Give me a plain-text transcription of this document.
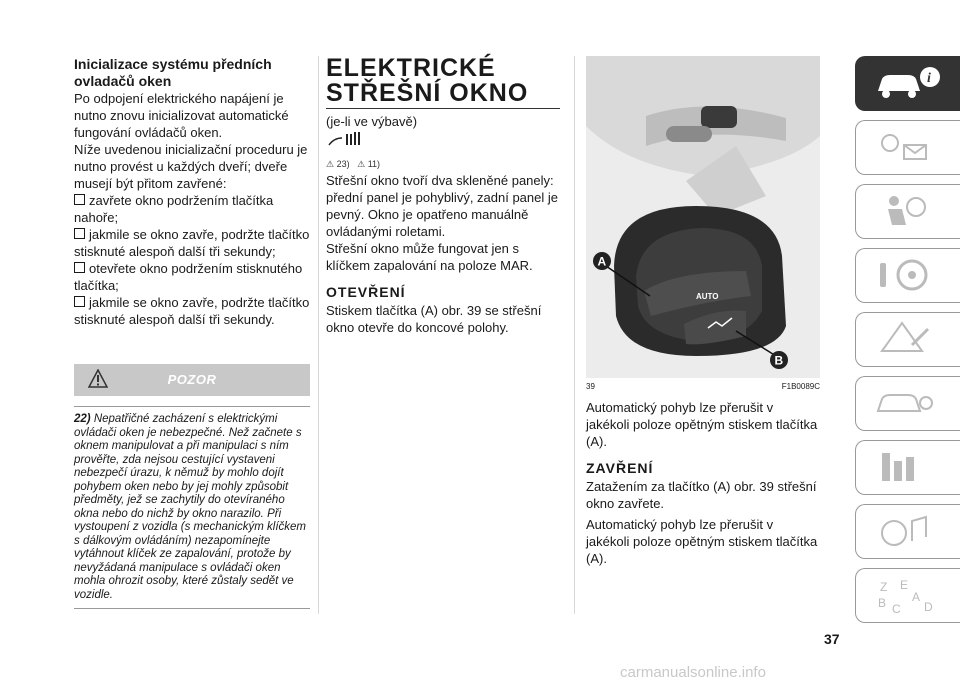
Inicializace systému předních ovladačů oken

Po odpojení elektrického napájení je nutno znovu inicializovat automatické fungování ovládačů oken.

Níže uvedenou inicializační proceduru je nutno provést u každých dveří; dveře musejí být přitom zavřené:

zavřete okno podržením tlačítka nahoře;
jakmile se okno zavře, podržte tlačítko stisknuté alespoň další tři sekundy;
otevřete okno podržením stisknutého tlačítka;
jakmile se okno zavře, podržte tlačítko stisknuté alespoň další tři sekundy.
POZOR

22) Nepatřičné zacházení s elektrickými ovládači oken je nebezpečné. Než začnete s oknem manipulovat a při manipulaci s ním prověřte, zda nejsou cestující vystaveni nebezpečí úrazu, k němuž by mohlo dojít pohybem oken nebo by jej mohly způsobit předměty, jež se zachytily do otevíraného okna nebo do nichž by okno narazilo. Při vystoupení z vozidla (s mechanickým klíčkem s dálkovým ovládáním) nezapomínejte vytáhnout klíček ze zapalování, protože by nevyžádaná manipulace s ovládači oken mohla ohrozit osoby, které zůstaly sedět ve vozidle.

ELEKTRICKÉ
STŘEŠNÍ OKNO

(je-li ve výbavě)

⚠ 23) ⚠ 11)

Střešní okno tvoří dva skleněné panely: přední panel je pohyblivý, zadní panel je pevný. Okno je opatřeno manuálně ovládanými roletami.

Střešní okno může fungovat jen s klíčkem zapalování na poloze MAR.

OTEVŘENÍ

Stiskem tlačítka (A) obr. 39 se střešní okno otevře do koncové polohy.

AUTO
A
B
39	F1B0089C

Automatický pohyb lze přerušit v jakékoli poloze opětným stiskem tlačítka (A).

ZAVŘENÍ

Zatažením za tlačítko (A) obr. 39 střešní okno zavřete.

Automatický pohyb lze přerušit v jakékoli poloze opětným stiskem tlačítka (A).

i
Z E
A
B C D
37
carmanualsonline.info
